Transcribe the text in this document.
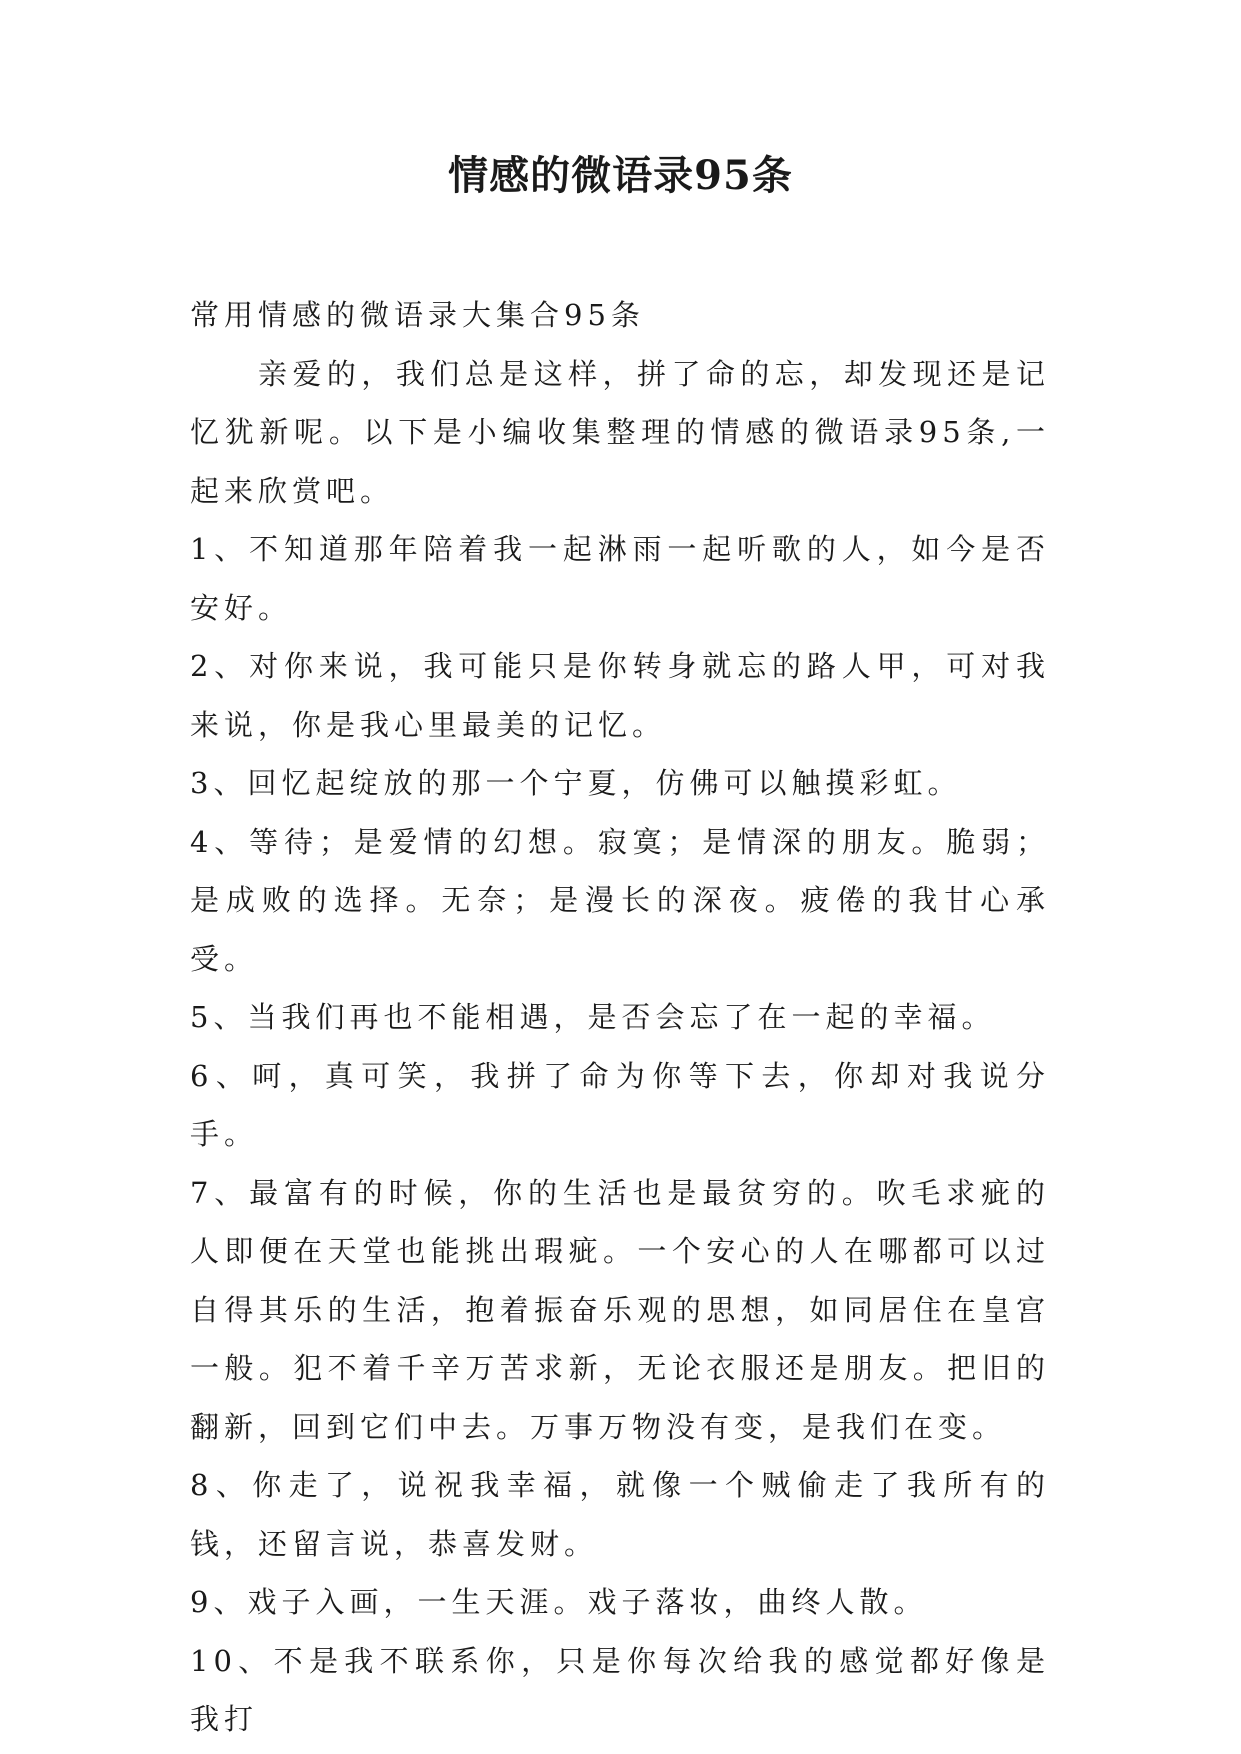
情感的微语录95条

常用情感的微语录大集合95条

亲爱的，我们总是这样，拼了命的忘，却发现还是记忆犹新呢。以下是小编收集整理的情感的微语录95条,一起来欣赏吧。

1、不知道那年陪着我一起淋雨一起听歌的人，如今是否安好。

2、对你来说，我可能只是你转身就忘的路人甲，可对我来说，你是我心里最美的记忆。

3、回忆起绽放的那一个宁夏，仿佛可以触摸彩虹。

4、等待；是爱情的幻想。寂寞；是情深的朋友。脆弱；是成败的选择。无奈；是漫长的深夜。疲倦的我甘心承受。

5、当我们再也不能相遇，是否会忘了在一起的幸福。

6、呵，真可笑，我拼了命为你等下去，你却对我说分手。

7、最富有的时候，你的生活也是最贫穷的。吹毛求疵的人即便在天堂也能挑出瑕疵。一个安心的人在哪都可以过自得其乐的生活，抱着振奋乐观的思想，如同居住在皇宫一般。犯不着千辛万苦求新，无论衣服还是朋友。把旧的翻新，回到它们中去。万事万物没有变，是我们在变。

8、你走了，说祝我幸福，就像一个贼偷走了我所有的钱，还留言说，恭喜发财。

9、戏子入画，一生天涯。戏子落妆，曲终人散。

10、不是我不联系你，只是你每次给我的感觉都好像是我打
